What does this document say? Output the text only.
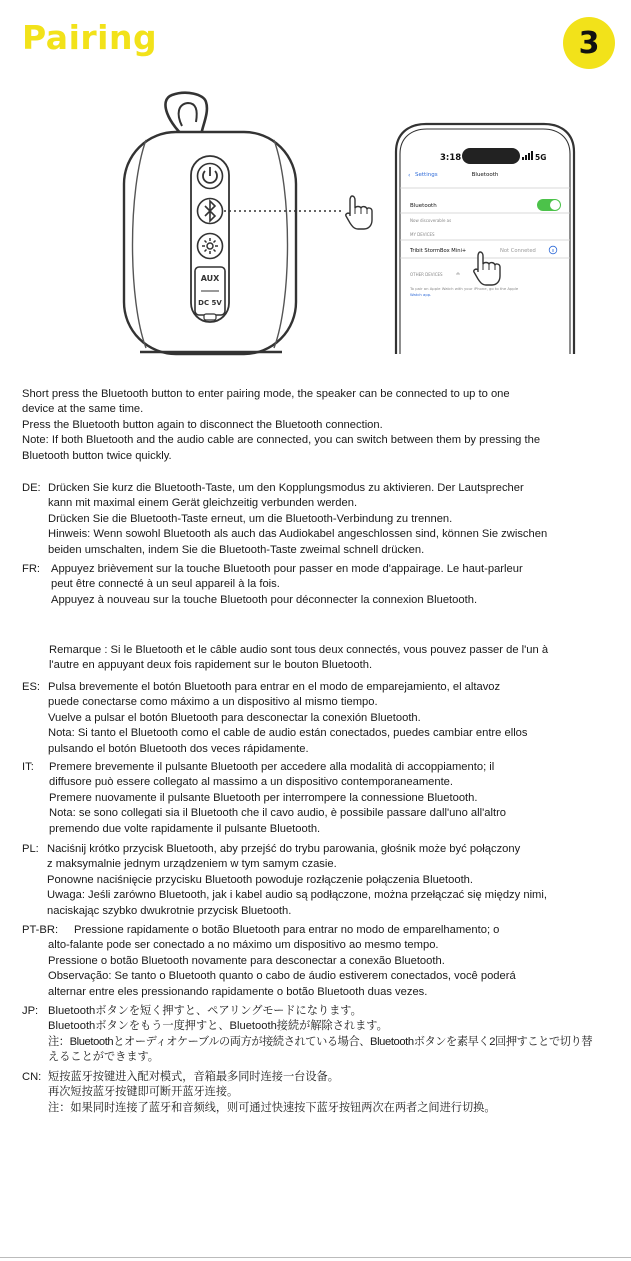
Pairing	3
AUX
DC 5V
3:18	5G
‹ Settings	Bluetooth
Bluetooth
Now discoverable as
MY DEVICES
Tribit StormBox Mini+	Not Conneted
OTHER DEVICES
To pair an Apple Watch with your iPhone, go to the Apple
Watch app.

Short press the Bluetooth button to enter pairing mode, the speaker can be connected to up to one

device at the same time.

Press the Bluetooth button again to disconnect the Bluetooth connection.

Note: If both Bluetooth and the audio cable are connected, you can switch between them by pressing the

Bluetooth button twice quickly.

DE: Drücken Sie kurz die Bluetooth-Taste, um den Kopplungsmodus zu aktivieren. Der Lautsprecher

kann mit maximal einem Gerät gleichzeitig verbunden werden.

Drücken Sie die Bluetooth-Taste erneut, um die Bluetooth-Verbindung zu trennen.

Hinweis: Wenn sowohl Bluetooth als auch das Audiokabel angeschlossen sind, können Sie zwischen

beiden umschalten, indem Sie die Bluetooth-Taste zweimal schnell drücken.

FR: Appuyez brièvement sur la touche Bluetooth pour passer en mode d'appairage. Le haut-parleur

peut être connecté à un seul appareil à la fois.

Appuyez à nouveau sur la touche Bluetooth pour déconnecter la connexion Bluetooth.

Remarque : Si le Bluetooth et le câble audio sont tous deux connectés, vous pouvez passer de l'un à

l'autre en appuyant deux fois rapidement sur le bouton Bluetooth.

ES: Pulsa brevemente el botón Bluetooth para entrar en el modo de emparejamiento, el altavoz

puede conectarse como máximo a un dispositivo al mismo tiempo.

Vuelve a pulsar el botón Bluetooth para desconectar la conexión Bluetooth.

Nota: Si tanto el Bluetooth como el cable de audio están conectados, puedes cambiar entre ellos

pulsando el botón Bluetooth dos veces rápidamente.

IT: Premere brevemente il pulsante Bluetooth per accedere alla modalità di accoppiamento; il

diffusore può essere collegato al massimo a un dispositivo contemporaneamente.

Premere nuovamente il pulsante Bluetooth per interrompere la connessione Bluetooth.

Nota: se sono collegati sia il Bluetooth che il cavo audio, è possibile passare dall'uno all'altro

premendo due volte rapidamente il pulsante Bluetooth.

PL: Naciśnij krótko przycisk Bluetooth, aby przejść do trybu parowania, głośnik może być połączony

z maksymalnie jednym urządzeniem w tym samym czasie.

Ponowne naciśnięcie przycisku Bluetooth powoduje rozłączenie połączenia Bluetooth.

Uwaga: Jeśli zarówno Bluetooth, jak i kabel audio są podłączone, można przełączać się między nimi,

naciskając szybko dwukrotnie przycisk Bluetooth.

PT-BR:	Pressione rapidamente o botão Bluetooth para entrar no modo de emparelhamento; o

alto-falante pode ser conectado a no máximo um dispositivo ao mesmo tempo.

Pressione o botão Bluetooth novamente para desconectar a conexão Bluetooth.

Observação: Se tanto o Bluetooth quanto o cabo de áudio estiverem conectados, você poderá

alternar entre eles pressionando rapidamente o botão Bluetooth duas vezes.

JP: Bluetoothボタンを短く押すと、ペアリングモードになります。

Bluetoothボタンをもう一度押すと、Bluetooth接続が解除されます。

注：Bluetoothとオーディオケーブルの両方が接続されている場合、Bluetoothボタンを素早く2回押すことで切り替

えることができます。

CN: 短按蓝牙按键进入配对模式，音箱最多同时连接一台设备。

再次短按蓝牙按键即可断开蓝牙连接。

注：如果同时连接了蓝牙和音频线，则可通过快速按下蓝牙按钮两次在两者之间进行切换。
